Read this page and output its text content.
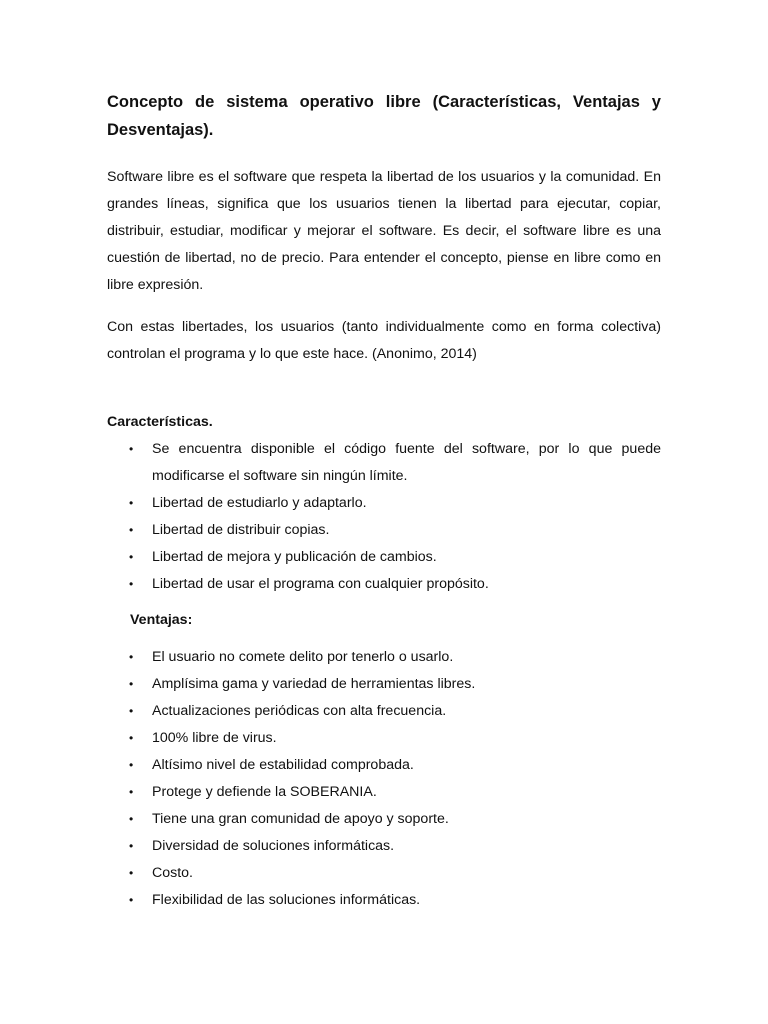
Concepto de sistema operativo libre (Características, Ventajas y Desventajas).

Software libre es el software que respeta la libertad de los usuarios y la comunidad. En grandes líneas, significa que los usuarios tienen la libertad para ejecutar, copiar, distribuir, estudiar, modificar y mejorar el software. Es decir, el software libre es una cuestión de libertad, no de precio. Para entender el concepto, piense en libre como en libre expresión.

Con estas libertades, los usuarios (tanto individualmente como en forma colectiva) controlan el programa y lo que este hace. (Anonimo, 2014)

Características.
• Se encuentra disponible el código fuente del software, por lo que puede modificarse el software sin ningún límite.
• Libertad de estudiarlo y adaptarlo.
• Libertad de distribuir copias.
• Libertad de mejora y publicación de cambios.
• Libertad de usar el programa con cualquier propósito.
Ventajas:
• El usuario no comete delito por tenerlo o usarlo.
• Amplísima gama y variedad de herramientas libres.
• Actualizaciones periódicas con alta frecuencia.
• 100% libre de virus.
• Altísimo nivel de estabilidad comprobada.
• Protege y defiende la SOBERANIA.
• Tiene una gran comunidad de apoyo y soporte.
• Diversidad de soluciones informáticas.
• Costo.
• Flexibilidad de las soluciones informáticas.
